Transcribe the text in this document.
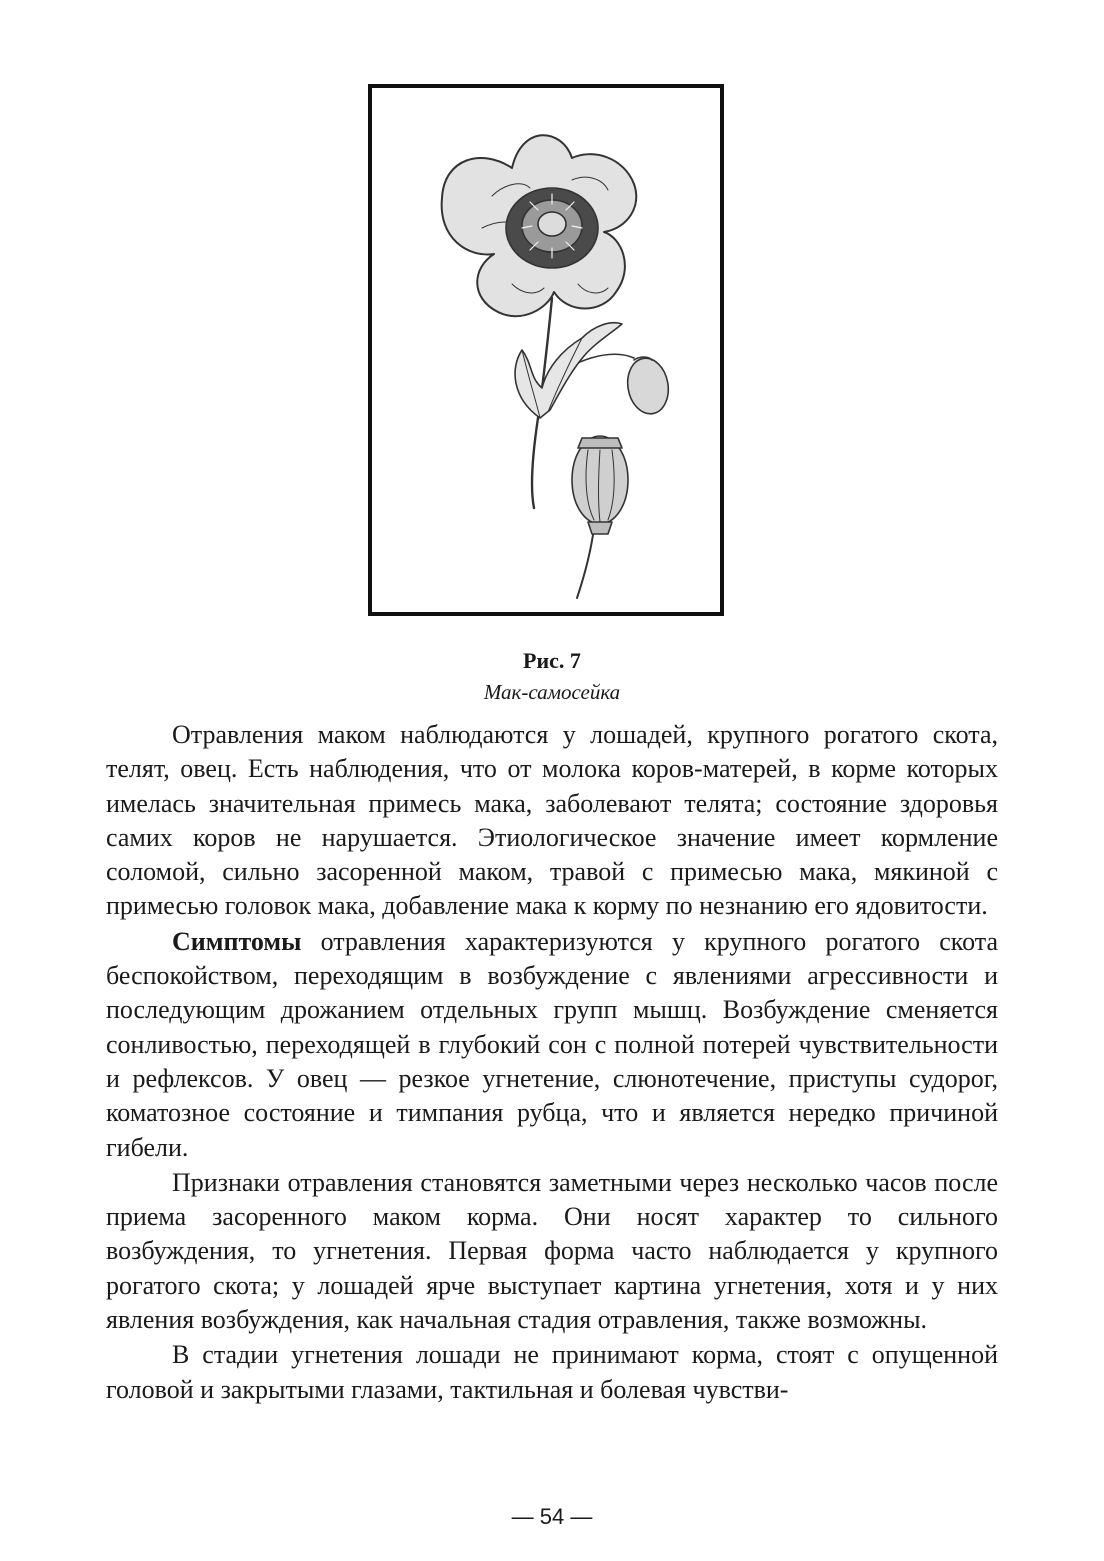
Рис. 7
Мак-самосейка

Отравления маком наблюдаются у лошадей, крупного рогатого скота, телят, овец. Есть наблюдения, что от молока коров-матерей, в корме которых имелась значительная примесь мака, заболевают телята; состояние здоровья самих коров не нарушается. Этиологическое значение имеет кормление соломой, сильно засоренной маком, травой с примесью мака, мякиной с примесью головок мака, добавление мака к корму по незнанию его ядовитости.

Симптомы отравления характеризуются у крупного рогатого скота беспокойством, переходящим в возбуждение с явлениями агрессивности и последующим дрожанием отдельных групп мышц. Возбуждение сменяется сонливостью, переходящей в глубокий сон с полной потерей чувствительности и рефлексов. У овец — резкое угнетение, слюнотечение, приступы судорог, коматозное состояние и тимпания рубца, что и является нередко причиной гибели.

Признаки отравления становятся заметными через несколько часов после приема засоренного маком корма. Они носят характер то сильного возбуждения, то угнетения. Первая форма часто наблюдается у крупного рогатого скота; у лошадей ярче выступает картина угнетения, хотя и у них явления возбуждения, как начальная стадия отравления, также возможны.

В стадии угнетения лошади не принимают корма, стоят с опущенной головой и закрытыми глазами, тактильная и болевая чувстви-

— 54 —
